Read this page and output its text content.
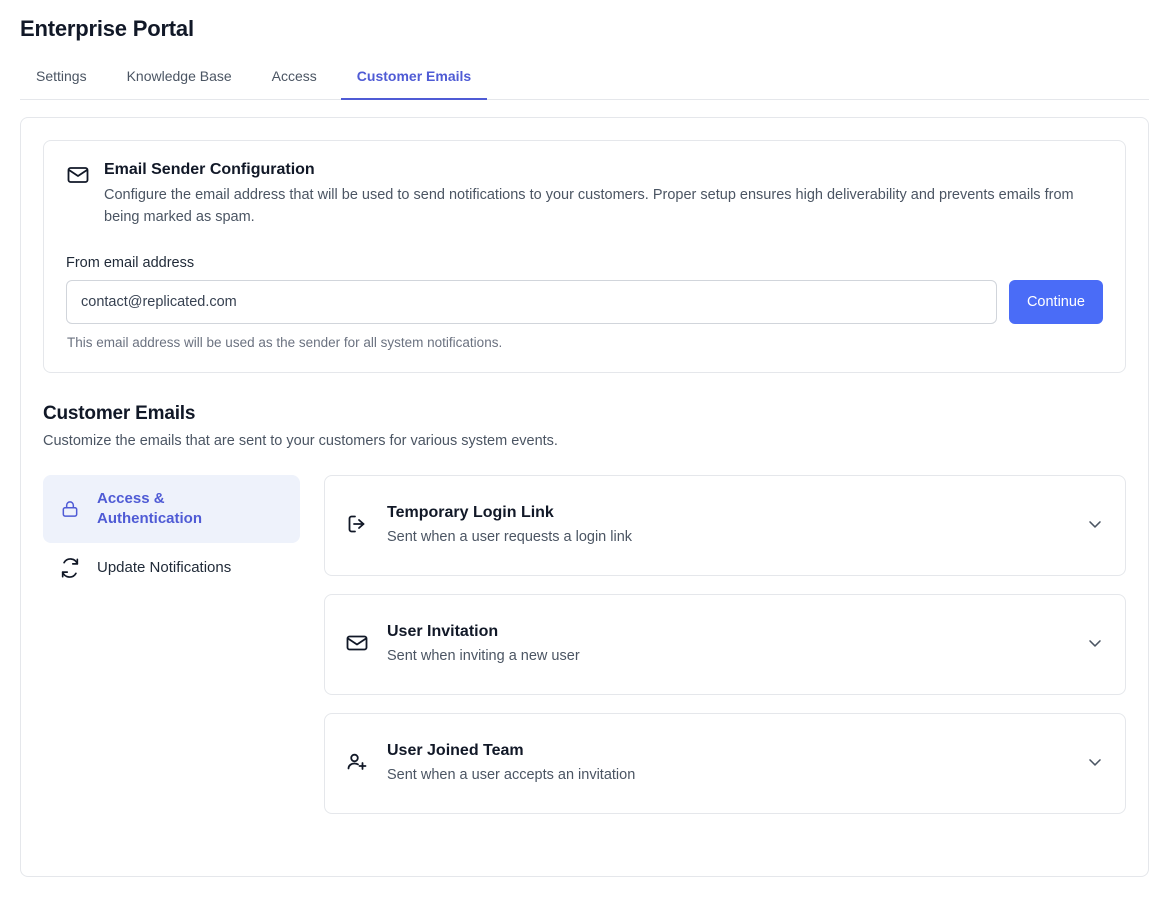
Enterprise Portal
Settings	Knowledge Base	Access	Customer Emails
Email Sender Configuration

Configure the email address that will be used to send notifications to your customers. Proper setup ensures high deliverability and prevents emails from being marked as spam.

From email address
contact@replicated.com
Continue

This email address will be used as the sender for all system notifications.

Customer Emails

Customize the emails that are sent to your customers for various system events.

Access & Authentication
Update Notifications
Temporary Login Link

Sent when a user requests a login link

User Invitation

Sent when inviting a new user

User Joined Team

Sent when a user accepts an invitation
